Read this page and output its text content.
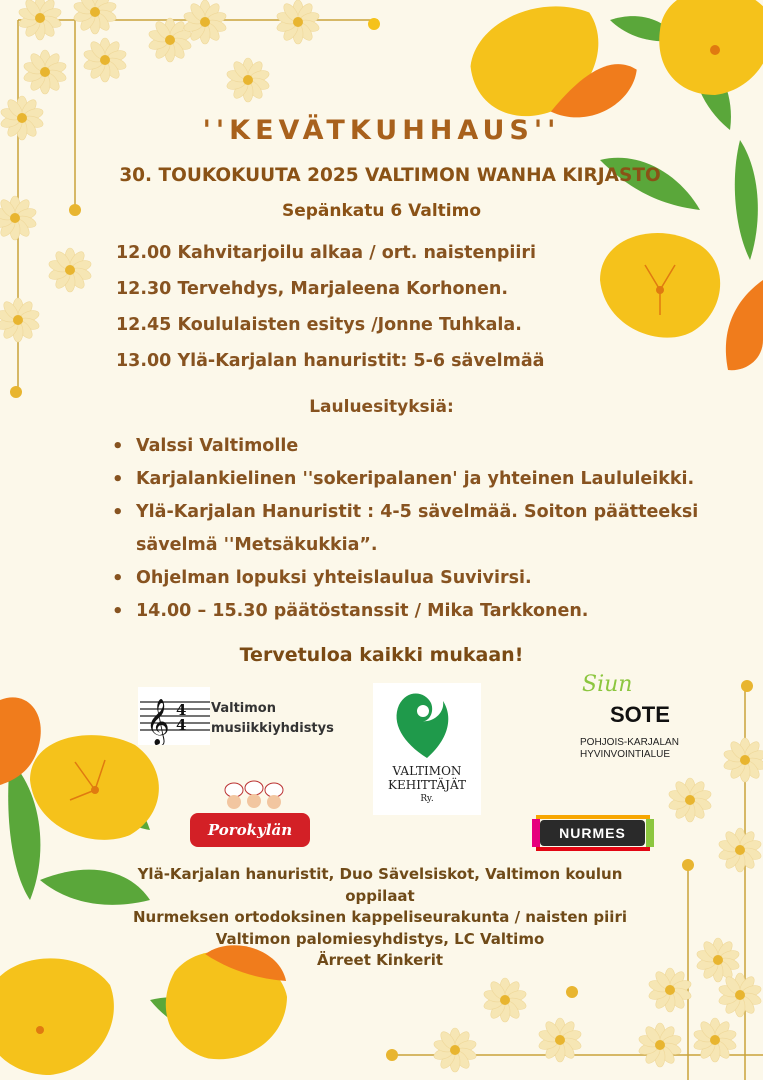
''KEVÄTKUHHAUS''
30. TOUKOKUUTA 2025 VALTIMON WANHA KIRJASTO
Sepänkatu 6 Valtimo
12.00 Kahvitarjoilu alkaa / ort. naistenpiiri
12.30 Tervehdys, Marjaleena Korhonen.
12.45 Koululaisten esitys /Jonne Tuhkala.
13.00 Ylä-Karjalan hanuristit: 5-6 sävelmää
Lauluesityksiä:
• Valssi Valtimolle
• Karjalankielinen ''sokeripalanen' ja yhteinen Laululeikki.
• Ylä-Karjalan Hanuristit : 4-5 sävelmää. Soiton päätteeksi sävelmä ''Metsäkukkia”.
• Ohjelman lopuksi yhteislaulua Suvivirsi.
• 14.00 – 15.30 päätöstanssit / Mika Tarkkonen.
Tervetuloa kaikki mukaan!
𝄞 4
4
Valtimon
musiikkiyhdistys
VALTIMON
KEHITTÄJÄT
Ry.
Siun
SOTE
POHJOIS-KARJALAN
HYVINVOINTIALUE
Porokylän	NURMES
Ylä-Karjalan hanuristit, Duo Sävelsiskot, Valtimon koulun oppilaat
Nurmeksen ortodoksinen kappeliseurakunta / naisten piiri
Valtimon palomiesyhdistys, LC Valtimo
Ärreet Kinkerit
